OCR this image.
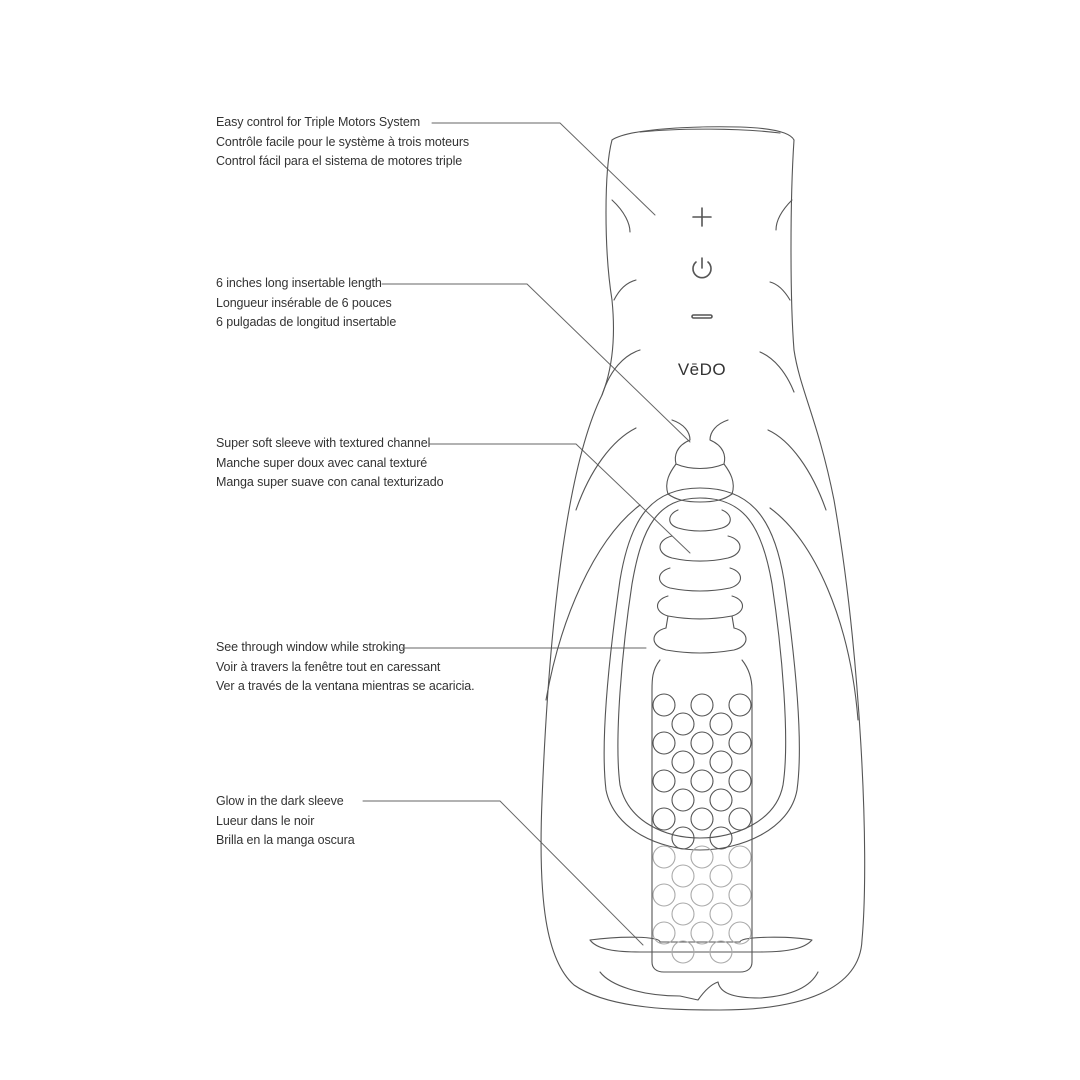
Easy control for Triple Motors System
Contrôle facile pour le système à trois moteurs
Control fácil para el sistema de motores triple
6 inches long insertable length
Longueur insérable de 6 pouces
6 pulgadas de longitud insertable
Super soft sleeve with textured channel
Manche super doux avec canal texturé
Manga super suave con canal texturizado
See through window while stroking
Voir à travers la fenêtre tout en caressant
Ver a través de la ventana mientras se acaricia.
Glow in the dark sleeve
Lueur dans le noir
Brilla en la manga oscura
VēDO
